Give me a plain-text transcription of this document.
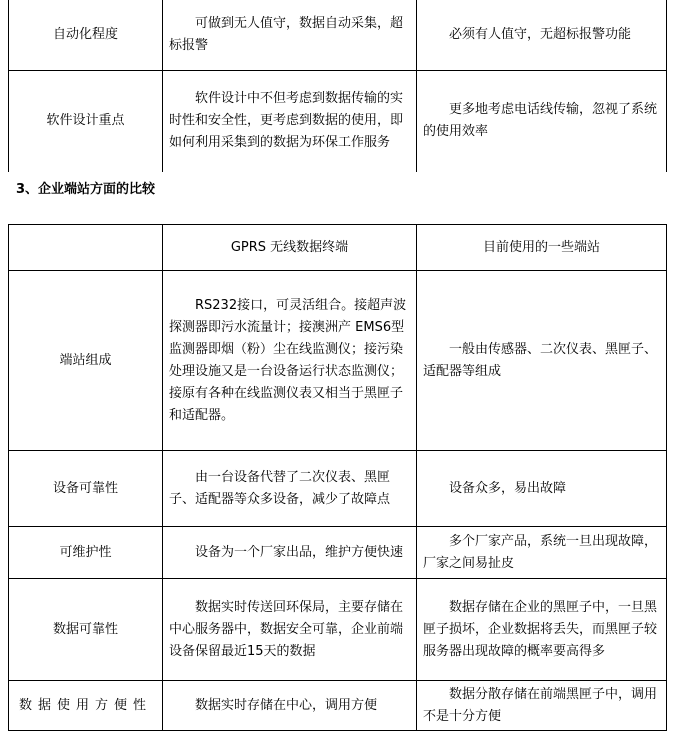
自动化程度	可做到无人值守，数据自动采集，超标报警	必须有人值守，无超标报警功能

软件设计重点	软件设计中不但考虑到数据传输的实时性和安全性，更考虑到数据的使用，即如何利用采集到的数据为环保工作服务	更多地考虑电话线传输，忽视了系统的使用效率
3、企业端站方面的比较
	GPRS 无线数据终端	目前使用的一些端站
端站组成	RS232接口，可灵活组合。接超声波探测器即污水流量计；接澳洲产 EMS6型监测器即烟（粉）尘在线监测仪；接污染处理设施又是一台设备运行状态监测仪；接原有各种在线监测仪表又相当于黑匣子和适配器。	一般由传感器、二次仪表、黑匣子、适配器等组成

设备可靠性	由一台设备代替了二次仪表、黑匣子、适配器等众多设备，减少了故障点	设备众多，易出故障

可维护性	设备为一个厂家出品，维护方便快速	多个厂家产品，系统一旦出现故障，厂家之间易扯皮

数据可靠性	数据实时传送回环保局，主要存储在中心服务器中，数据安全可靠，企业前端设备保留最近15天的数据	数据存储在企业的黑匣子中，一旦黑匣子损坏，企业数据将丢失，而黑匣子较服务器出现故障的概率要高得多

数据使用方便性	数据实时存储在中心，调用方便	数据分散存储在前端黑匣子中，调用不是十分方便
